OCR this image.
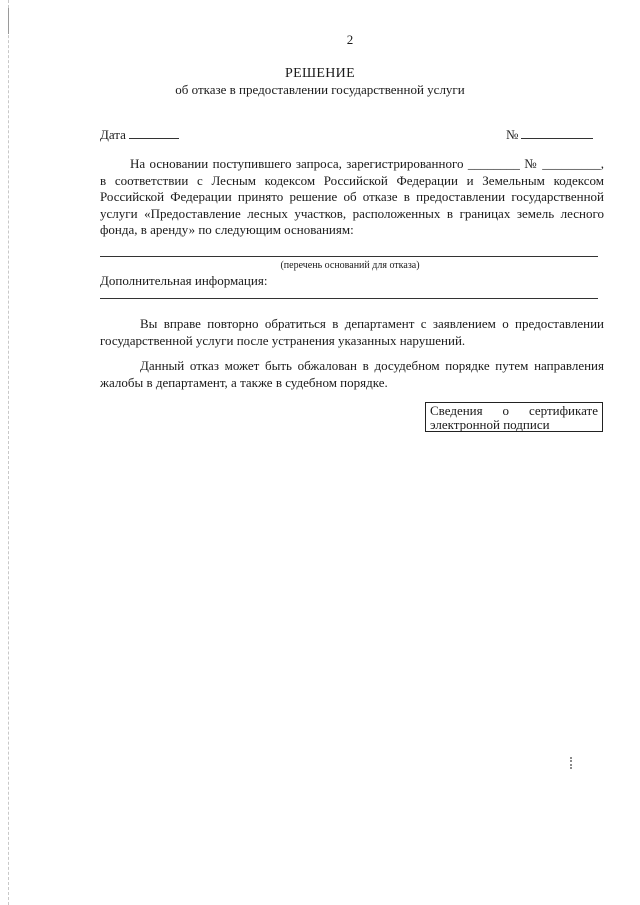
2
РЕШЕНИЕ
об отказе в предоставлении государственной услуги
Дата	№

На основании поступившего запроса, зарегистрированного ________ № _________, в соответствии с Лесным кодексом Российской Федерации и Земельным кодексом Российской Федерации принято решение об отказе в предоставлении государственной услуги «Предоставление лесных участков, расположенных в границах земель лесного фонда, в аренду» по следующим основаниям:

(перечень оснований для отказа)
Дополнительная информация:

Вы вправе повторно обратиться в департамент с заявлением о предоставлении государственной услуги после устранения указанных нарушений.

Данный отказ может быть обжалован в досудебном порядке путем направления жалобы в департамент, а также в судебном порядке.

Сведения о сертификате электронной подписи
